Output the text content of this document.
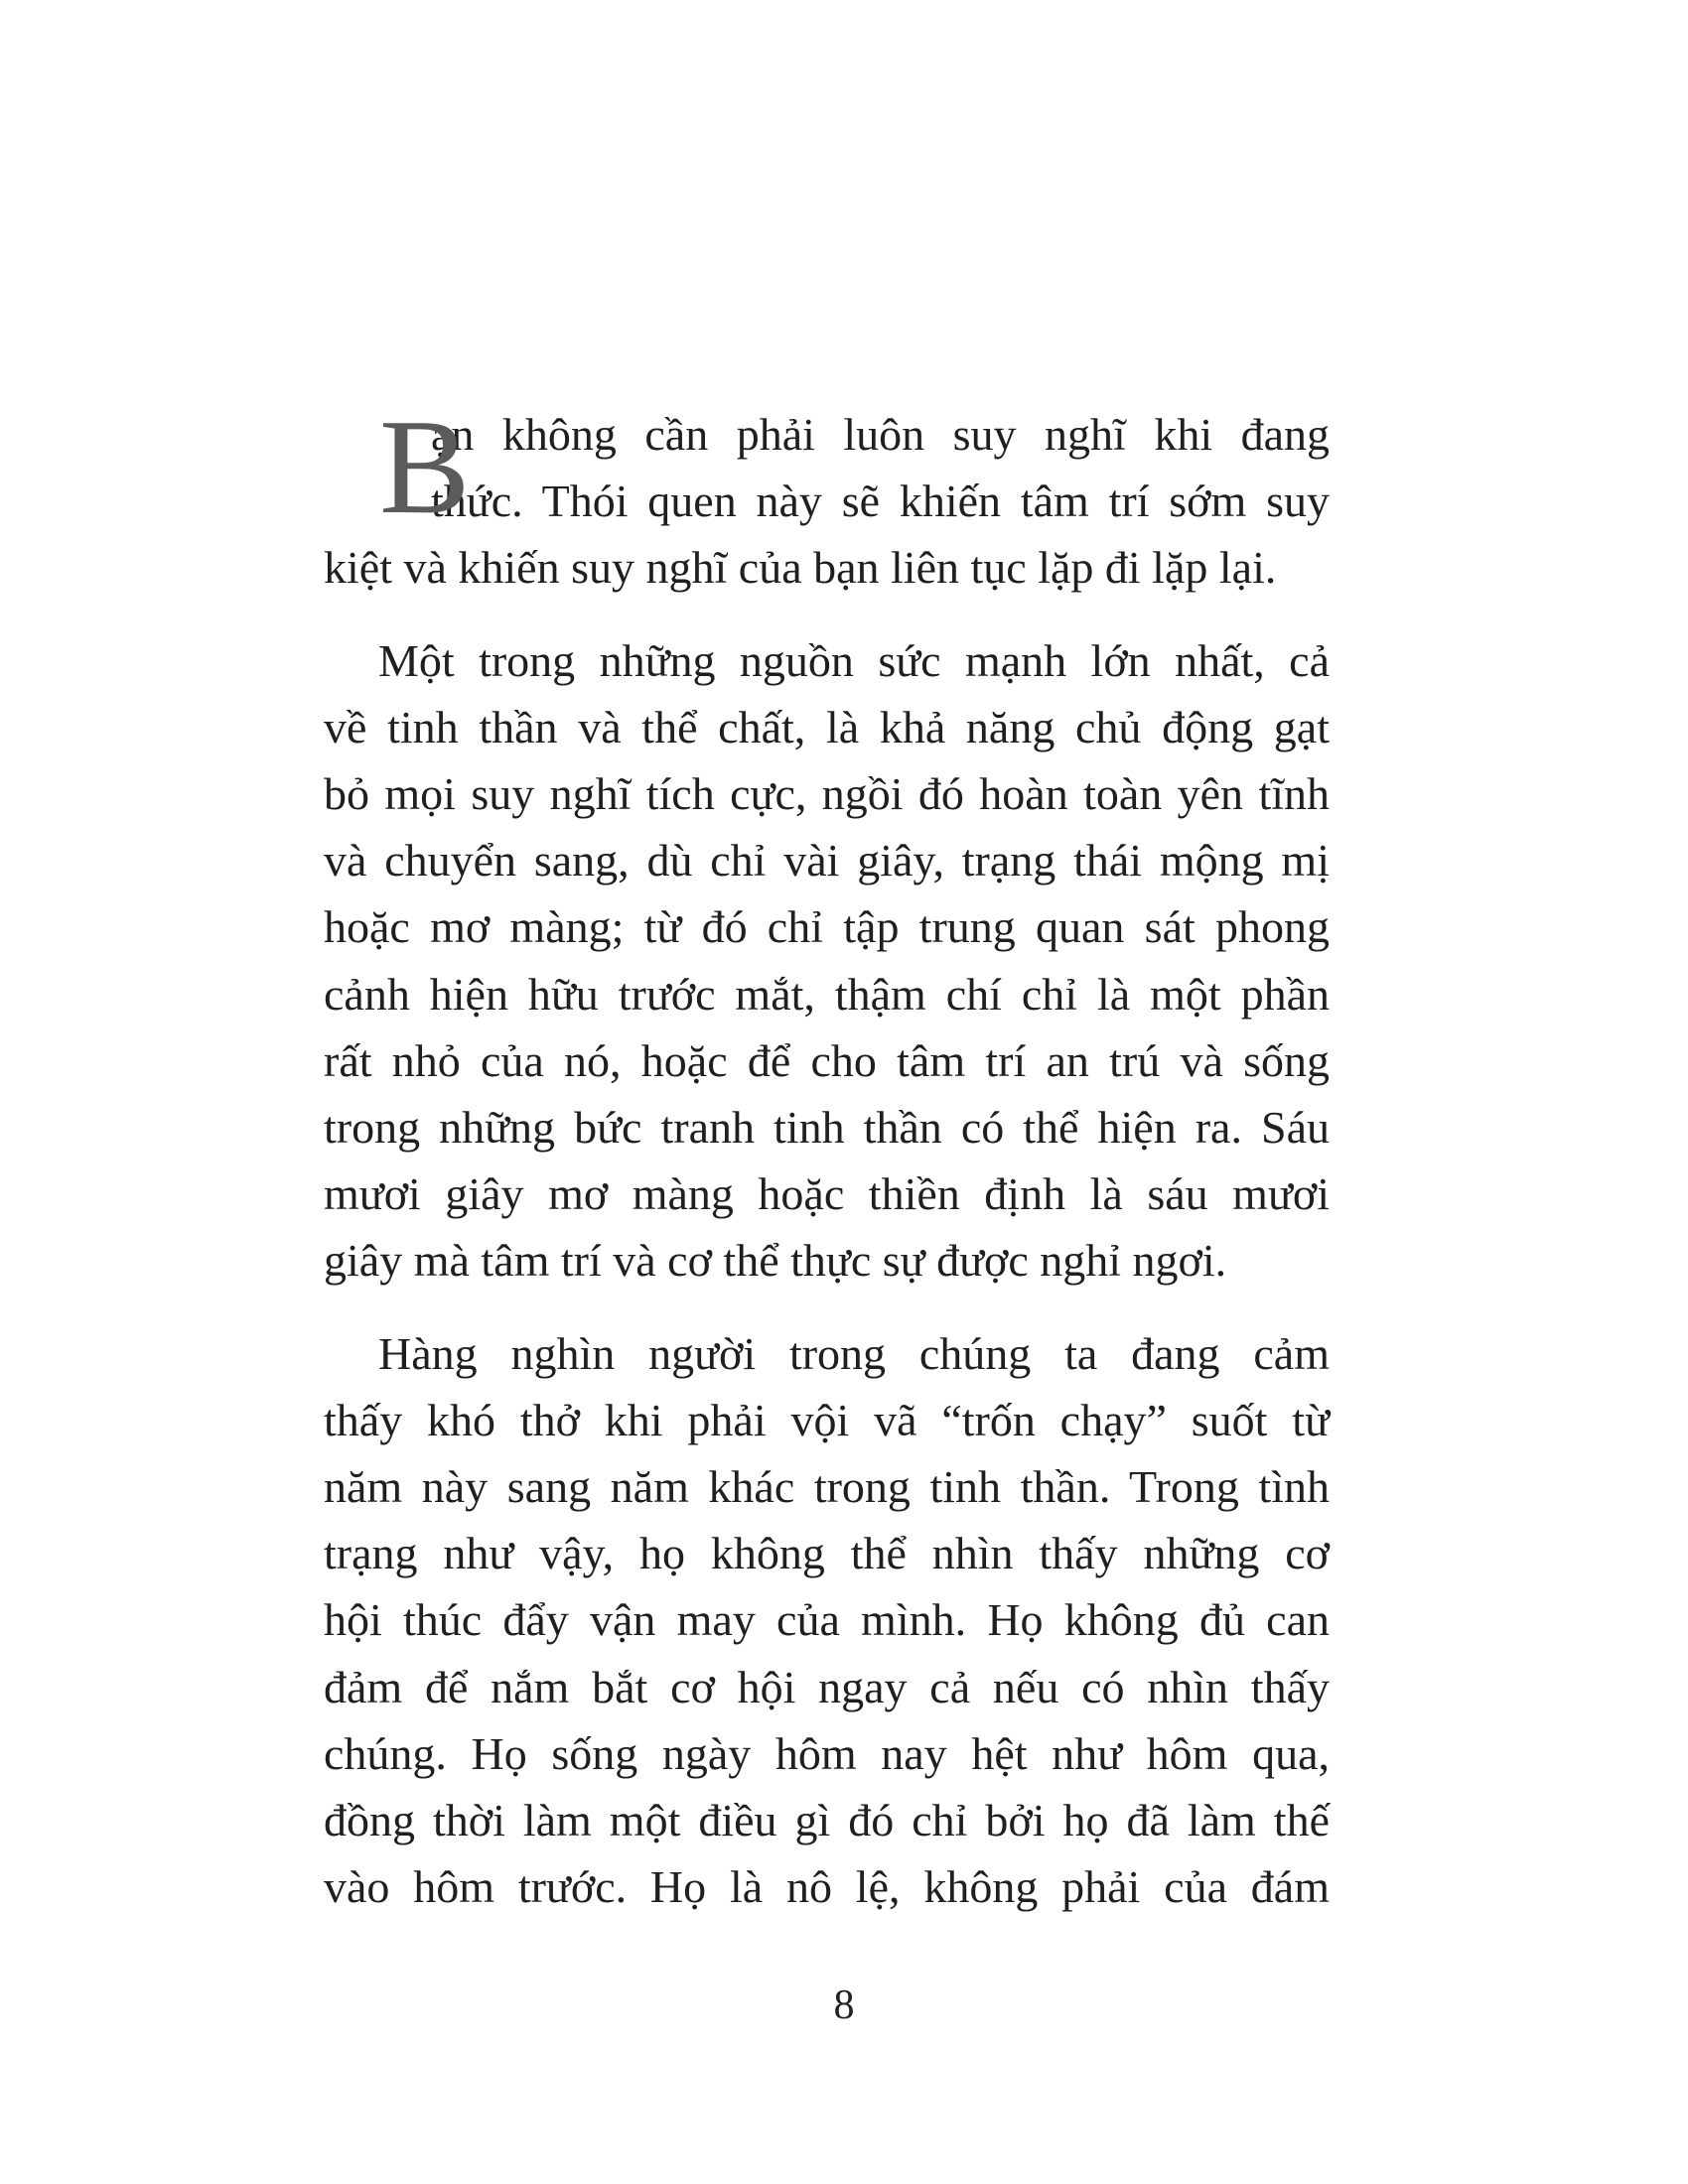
B
ạn không cần phải luôn suy nghĩ khi đang
thức. Thói quen này sẽ khiến tâm trí sớm suy
kiệt và khiến suy nghĩ của bạn liên tục lặp đi lặp lại.
Một trong những nguồn sức mạnh lớn nhất, cả
về tinh thần và thể chất, là khả năng chủ động gạt
bỏ mọi suy nghĩ tích cực, ngồi đó hoàn toàn yên tĩnh
và chuyển sang, dù chỉ vài giây, trạng thái mộng mị
hoặc mơ màng; từ đó chỉ tập trung quan sát phong
cảnh hiện hữu trước mắt, thậm chí chỉ là một phần
rất nhỏ của nó, hoặc để cho tâm trí an trú và sống
trong những bức tranh tinh thần có thể hiện ra. Sáu
mươi giây mơ màng hoặc thiền định là sáu mươi
giây mà tâm trí và cơ thể thực sự được nghỉ ngơi.
Hàng nghìn người trong chúng ta đang cảm
thấy khó thở khi phải vội vã “trốn chạy” suốt từ
năm này sang năm khác trong tinh thần. Trong tình
trạng như vậy, họ không thể nhìn thấy những cơ
hội thúc đẩy vận may của mình. Họ không đủ can
đảm để nắm bắt cơ hội ngay cả nếu có nhìn thấy
chúng. Họ sống ngày hôm nay hệt như hôm qua,
đồng thời làm một điều gì đó chỉ bởi họ đã làm thế
vào hôm trước. Họ là nô lệ, không phải của đám
8
